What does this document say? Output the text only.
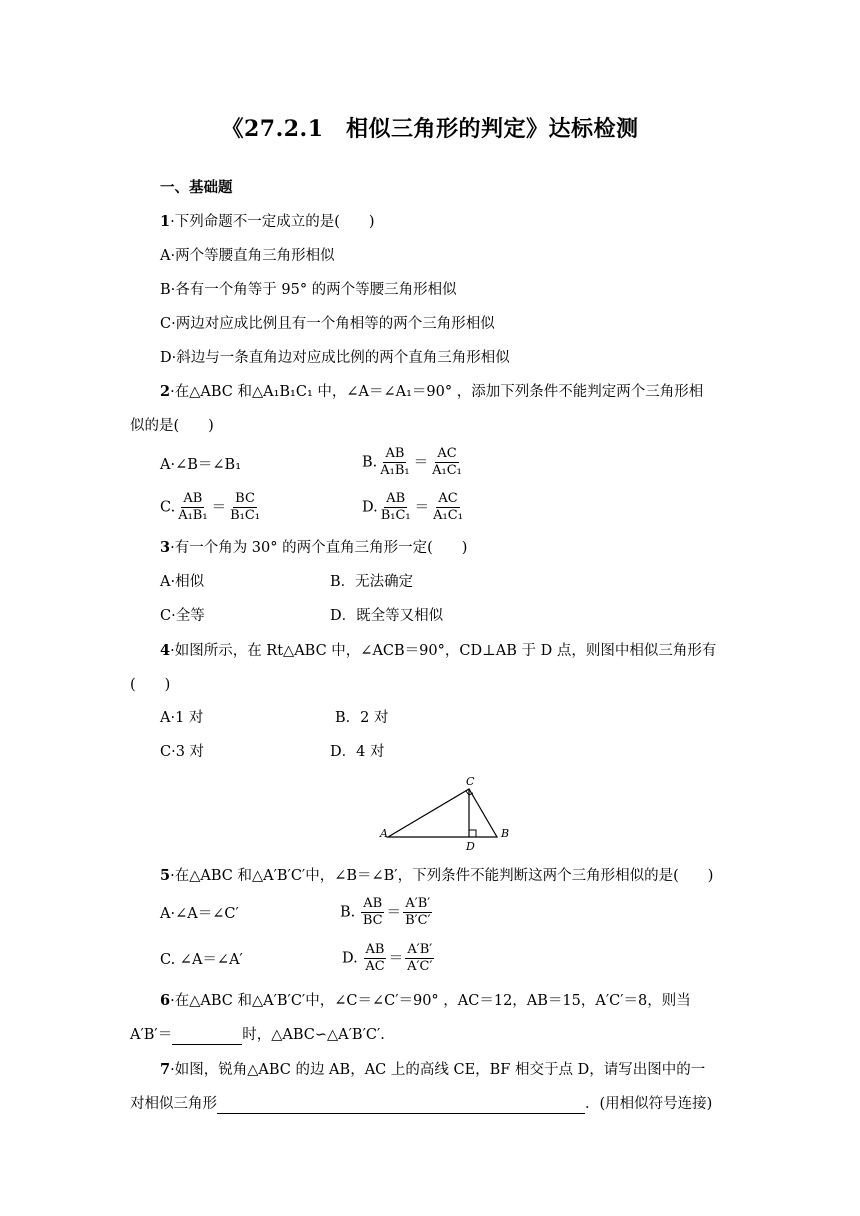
《27.2.1　相似三角形的判定》达标检测
一、基础题
1·下列命题不一定成立的是(　　)
A·两个等腰直角三角形相似
B·各有一个角等于 95° 的两个等腰三角形相似
C·两边对应成比例且有一个角相等的两个三角形相似
D·斜边与一条直角边对应成比例的两个直角三角形相似
2·在△ABC 和△A₁B₁C₁ 中，∠A＝∠A₁＝90° ，添加下列条件不能判定两个三角形相
似的是(　　)
A·∠B＝∠B₁	B. $\frac{AB}{\text{A₁B₁}} = \frac{AC}{\text{A₁C₁}}$
C. $\frac{AB}{\text{A₁B₁}} = \frac{BC}{\text{B₁C₁}}$	D. $\frac{AB}{\text{B₁C₁}} = \frac{AC}{\text{A₁C₁}}$
3·有一个角为 30° 的两个直角三角形一定(　　)
A·相似	B．无法确定
C·全等	D．既全等又相似
4·如图所示，在 Rt△ABC 中，∠ACB＝90°，CD⊥AB 于 D 点，则图中相似三角形有
(　　)
A·1 对	B．2 对
C·3 对	D．4 对
A
C
B
D
5·在△ABC 和△A′B′C′中，∠B＝∠B′，下列条件不能判断这两个三角形相似的是(　　)
A·∠A＝∠C′	B. $\frac{AB}{BC} = \frac{A'B'}{B'C'}$
C. ∠A＝∠A′	D. $\frac{AB}{AC} = \frac{A'B'}{A'C'}$
6·在△ABC 和△A′B′C′中，∠C＝∠C′＝90° ，AC＝12，AB＝15，A′C′＝8，则当
A′B′＝	时，△ABC∽△A′B′C′.
7·如图，锐角△ABC 的边 AB，AC 上的高线 CE，BF 相交于点 D，请写出图中的一
对相似三角形	．(用相似符号连接)
